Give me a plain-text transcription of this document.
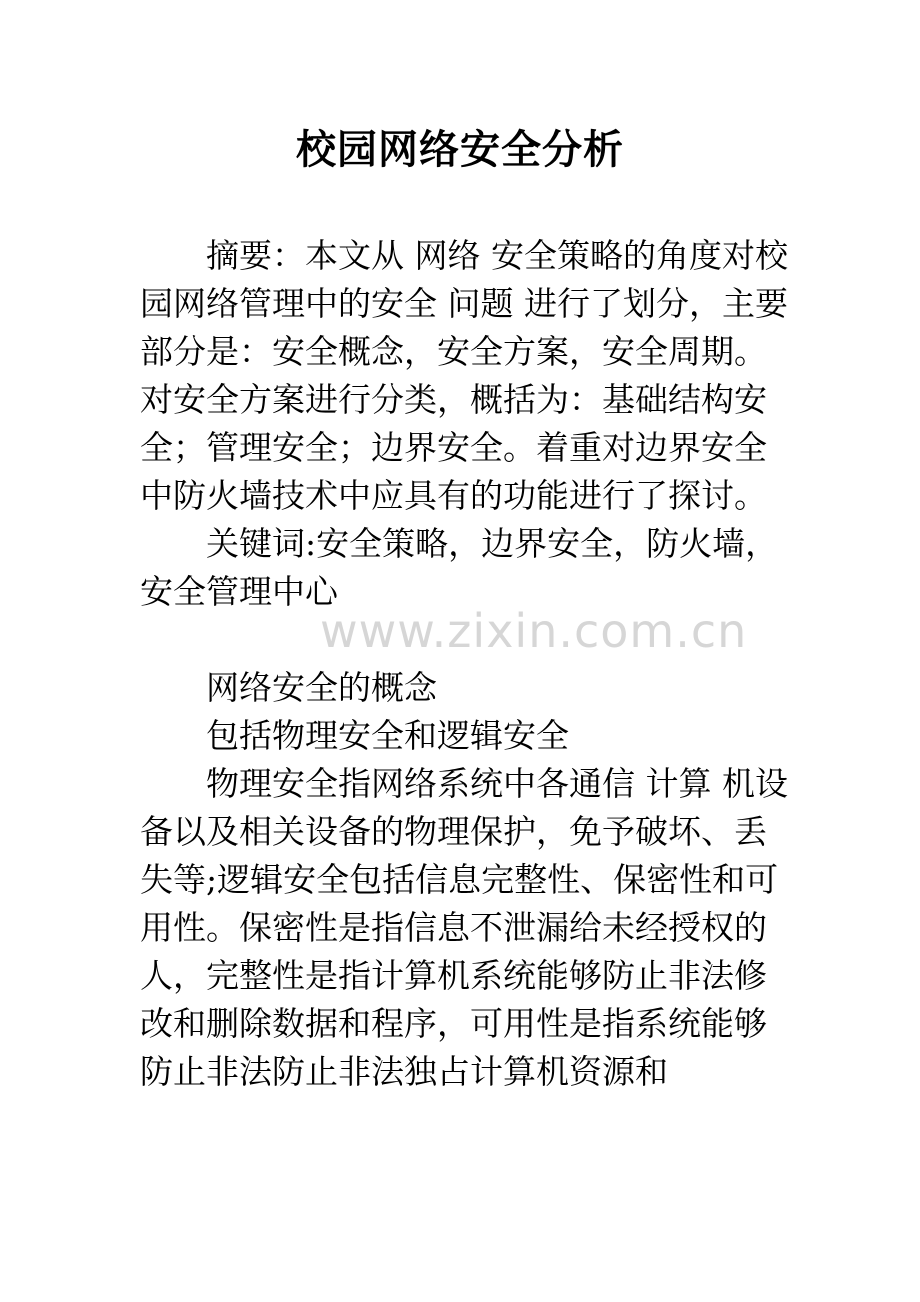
校园网络安全分析

摘要：本文从 网络 安全策略的角度对校园网络管理中的安全 问题 进行了划分，主要部分是：安全概念，安全方案，安全周期。对安全方案进行分类，概括为：基础结构安全；管理安全；边界安全。着重对边界安全中防火墙技术中应具有的功能进行了探讨。

关键词:安全策略，边界安全，防火墙，安全管理中心

网络安全的概念

包括物理安全和逻辑安全

物理安全指网络系统中各通信 计算 机设备以及相关设备的物理保护，免予破坏、丢失等;逻辑安全包括信息完整性、保密性和可用性。保密性是指信息不泄漏给未经授权的人，完整性是指计算机系统能够防止非法修改和删除数据和程序，可用性是指系统能够防止非法防止非法独占计算机资源和

www.zixin.com.cn
